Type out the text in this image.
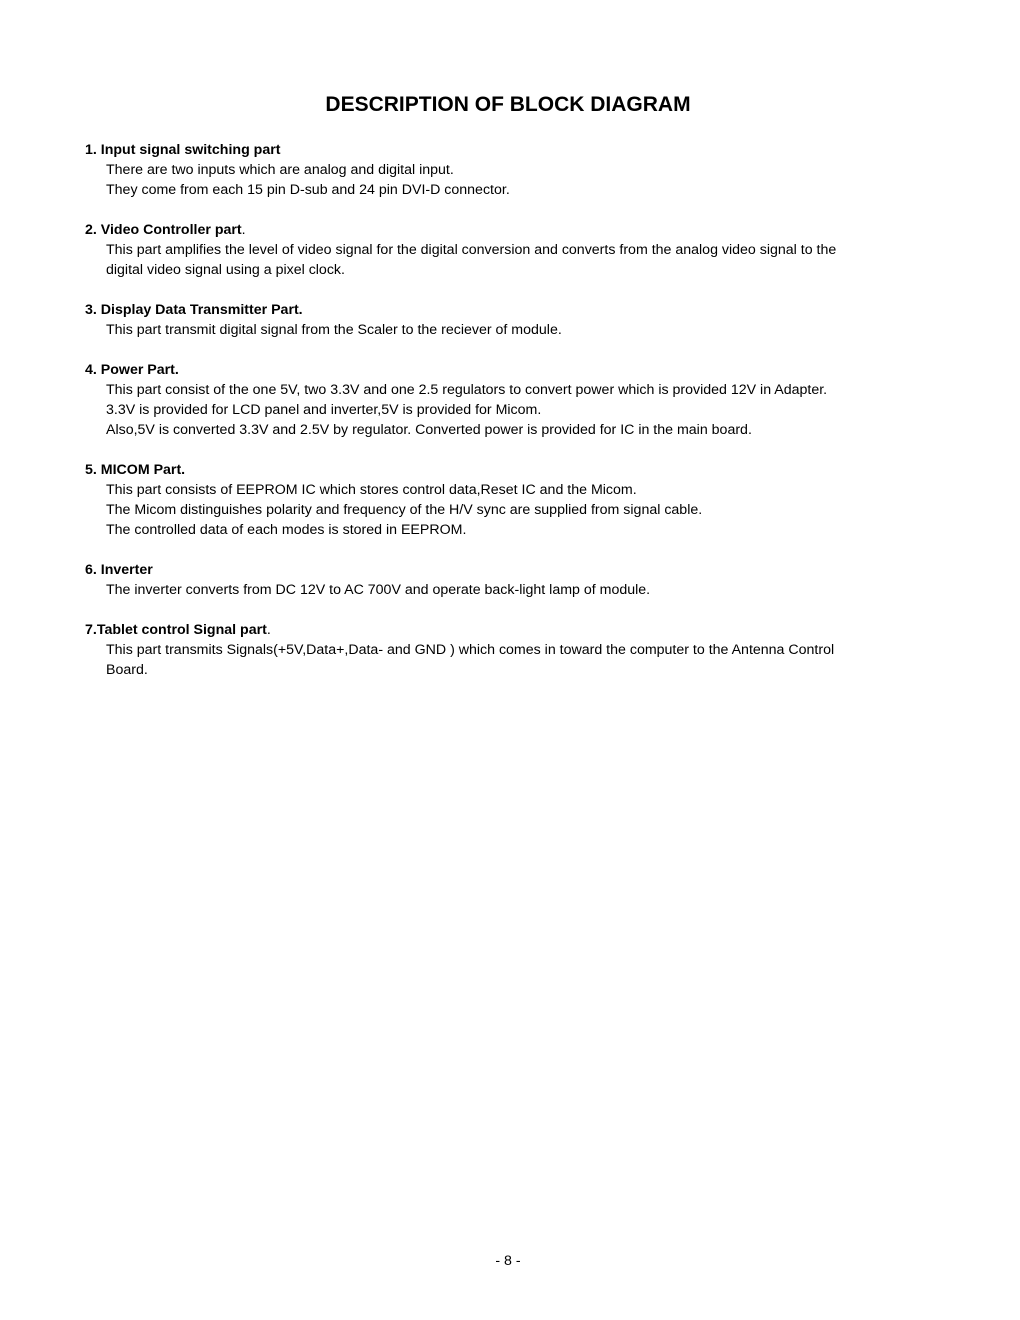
DESCRIPTION OF BLOCK DIAGRAM
1. Input signal switching part
There are two inputs which are analog and digital input.
They come from each 15 pin D-sub and 24 pin DVI-D connector.
2. Video Controller part.
This part amplifies the level of video signal for the digital conversion and converts from the analog video signal to the
digital video signal using a pixel clock.
3. Display Data Transmitter Part.
This part transmit digital signal from the Scaler to the reciever of module.
4. Power Part.
This part consist of the one 5V, two 3.3V and one 2.5 regulators to convert power which is provided 12V in Adapter.
3.3V is provided for LCD panel and inverter,5V is provided for Micom.
Also,5V is converted 3.3V and 2.5V by regulator. Converted power is provided for IC in the main board.
5. MICOM Part.
This part consists of EEPROM IC which stores control data,Reset IC and the Micom.
The Micom distinguishes polarity and frequency of the H/V sync are supplied from signal cable.
The controlled data of each modes is stored in EEPROM.
6. Inverter
The inverter converts from DC 12V to AC 700V and operate back-light lamp of module.
7.Tablet control Signal part.
This part transmits Signals(+5V,Data+,Data- and GND ) which comes in toward the computer to the Antenna Control
Board.
- 8 -
